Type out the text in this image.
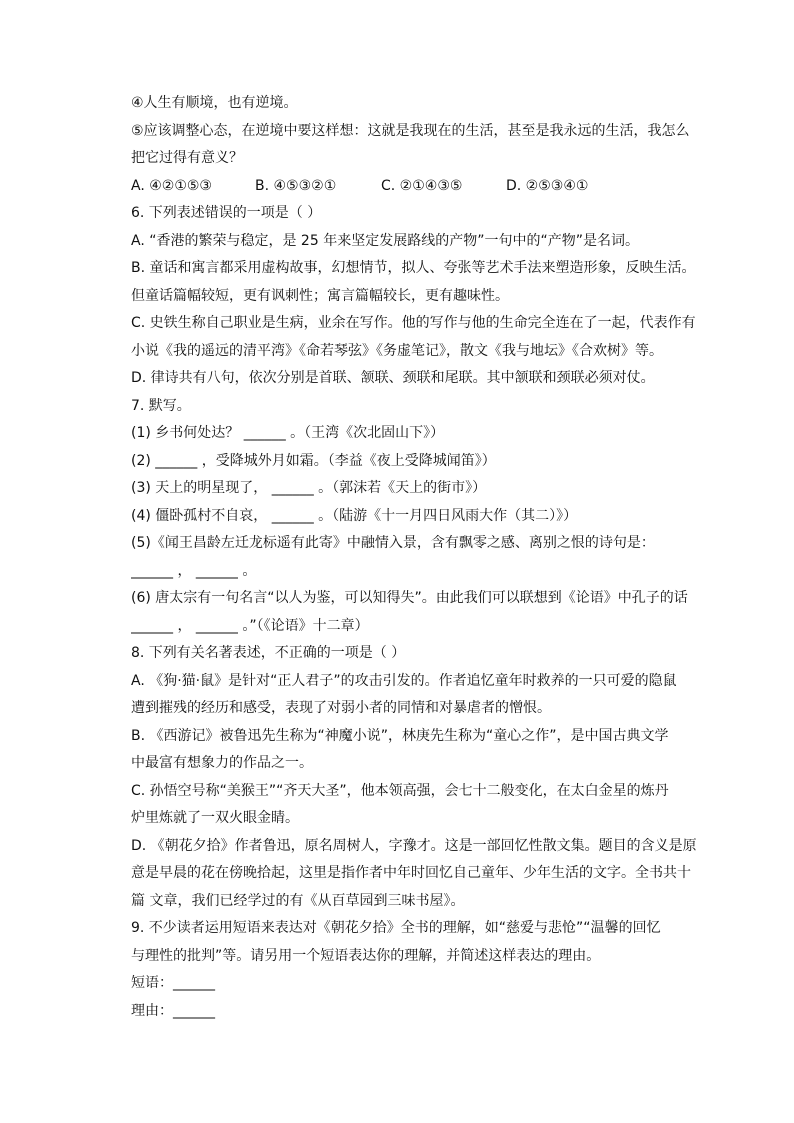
④人生有顺境，也有逆境。
⑤应该调整心态，在逆境中要这样想：这就是我现在的生活，甚至是我永远的生活，我怎么
把它过得有意义？
A. ④②①⑤③	B. ④⑤③②①	C. ②①④③⑤	D. ②⑤③④①
6. 下列表述错误的一项是（ ）
A. “香港的繁荣与稳定，是 25 年来坚定发展路线的产物”一句中的“产物”是名词。
B. 童话和寓言都采用虚构故事，幻想情节，拟人、夸张等艺术手法来塑造形象，反映生活。
但童话篇幅较短，更有讽刺性；寓言篇幅较长，更有趣味性。
C. 史铁生称自己职业是生病，业余在写作。他的写作与他的生命完全连在了一起，代表作有
小说《我的遥远的清平湾》《命若琴弦》《务虚笔记》，散文《我与地坛》《合欢树》等。
D. 律诗共有八句，依次分别是首联、颔联、颈联和尾联。其中颔联和颈联必须对仗。
7. 默写。
(1) 乡书何处达？ ______ 。（王湾《次北固山下》）
(2) ______ ，受降城外月如霜。（李益《夜上受降城闻笛》）
(3) 天上的明星现了， ______ 。（郭沫若《天上的街市》）
(4) 僵卧孤村不自哀， ______ 。（陆游《十一月四日风雨大作（其二）》）
(5)《闻王昌龄左迁龙标遥有此寄》中融情入景，含有飘零之感、离别之恨的诗句是：
______ ， ______ 。
(6) 唐太宗有一句名言“以人为鉴，可以知得失”。由此我们可以联想到《论语》中孔子的话
______ ， ______ 。”（《论语》十二章）
8. 下列有关名著表述，不正确的一项是（ ）
A. 《狗·猫·鼠》是针对“正人君子”的攻击引发的。作者追忆童年时救养的一只可爱的隐鼠
遭到摧残的经历和感受，表现了对弱小者的同情和对暴虐者的憎恨。
B. 《西游记》被鲁迅先生称为“神魔小说”，林庚先生称为“童心之作”，是中国古典文学
中最富有想象力的作品之一。
C. 孙悟空号称“美猴王”“齐天大圣”，他本领高强，会七十二般变化，在太白金星的炼丹
炉里炼就了一双火眼金睛。
D. 《朝花夕拾》作者鲁迅，原名周树人，字豫才。这是一部回忆性散文集。题目的含义是原
意是早晨的花在傍晚拾起，这里是指作者中年时回忆自己童年、少年生活的文字。全书共十
篇 文章，我们已经学过的有《从百草园到三味书屋》。
9. 不少读者运用短语来表达对《朝花夕拾》全书的理解，如“慈爱与悲怆”“温馨的回忆
与理性的批判”等。请另用一个短语表达你的理解，并简述这样表达的理由。
短语：______
理由：______
